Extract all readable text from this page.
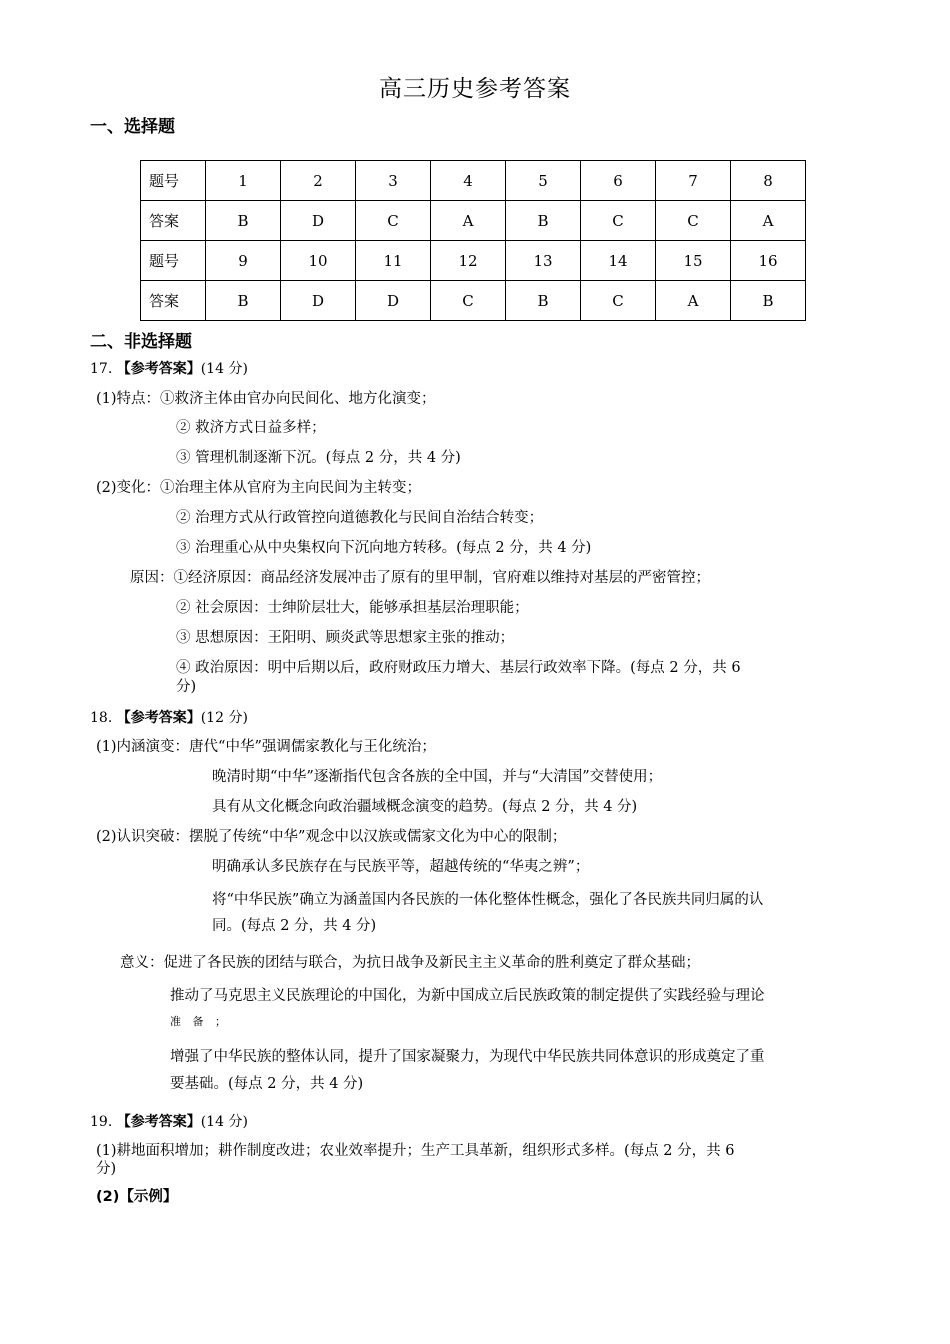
高三历史参考答案
一、选择题
题号	1	2	3	4	5	6	7	8
答案	B	D	C	A	B	C	C	A
题号	9	10	11	12	13	14	15	16
答案	B	D	D	C	B	C	A	B
二、非选择题
17. 【参考答案】(14 分)
(1)特点：①救济主体由官办向民间化、地方化演变；
② 救济方式日益多样；
③ 管理机制逐渐下沉。(每点 2 分，共 4 分)
(2)变化：①治理主体从官府为主向民间为主转变；
② 治理方式从行政管控向道德教化与民间自治结合转变；
③ 治理重心从中央集权向下沉向地方转移。(每点 2 分，共 4 分)
原因：①经济原因：商品经济发展冲击了原有的里甲制，官府难以维持对基层的严密管控；
② 社会原因：士绅阶层壮大，能够承担基层治理职能；
③ 思想原因：王阳明、顾炎武等思想家主张的推动；
④ 政治原因：明中后期以后，政府财政压力增大、基层行政效率下降。(每点 2 分，共 6
分)
18. 【参考答案】(12 分)
(1)内涵演变：唐代“中华”强调儒家教化与王化统治；
晚清时期“中华”逐渐指代包含各族的全中国，并与“大清国”交替使用；
具有从文化概念向政治疆域概念演变的趋势。(每点 2 分，共 4 分)
(2)认识突破：摆脱了传统“中华”观念中以汉族或儒家文化为中心的限制；
明确承认多民族存在与民族平等，超越传统的“华夷之辨”；
将“中华民族”确立为涵盖国内各民族的一体化整体性概念，强化了各民族共同归属的认
同。(每点 2 分，共 4 分)
意义：促进了各民族的团结与联合，为抗日战争及新民主主义革命的胜利奠定了群众基础；
推动了马克思主义民族理论的中国化，为新中国成立后民族政策的制定提供了实践经验与理论
准 备 ；
增强了中华民族的整体认同，提升了国家凝聚力，为现代中华民族共同体意识的形成奠定了重
要基础。(每点 2 分，共 4 分)
19. 【参考答案】(14 分)
(1)耕地面积增加；耕作制度改进；农业效率提升；生产工具革新，组织形式多样。(每点 2 分，共 6
分)
(2)【示例】
